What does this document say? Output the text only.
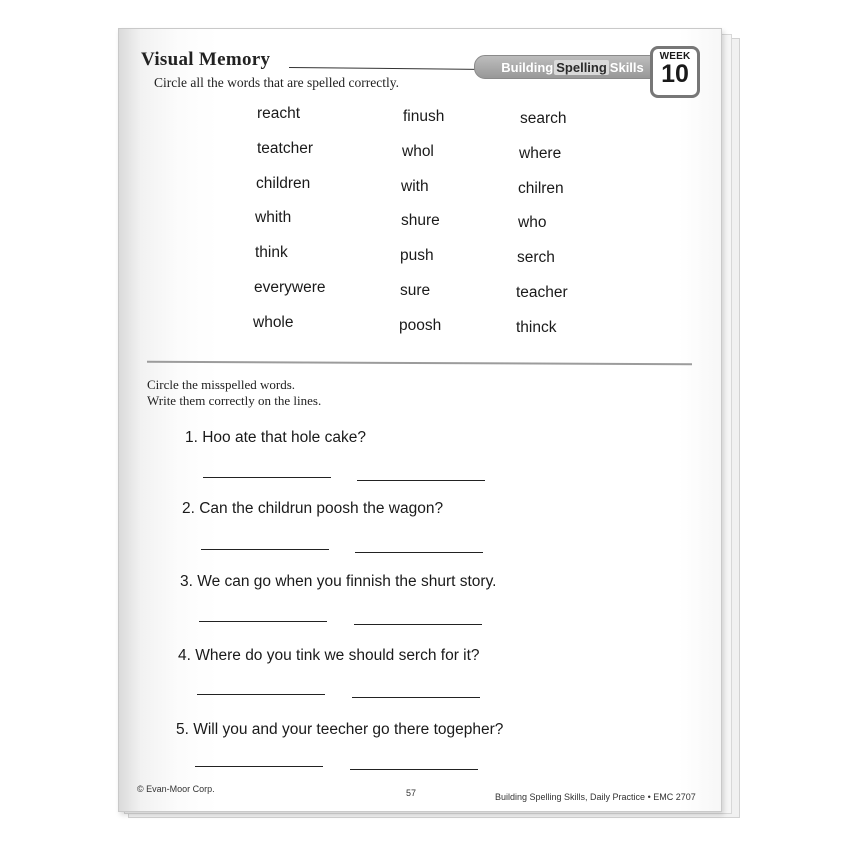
Visual Memory
Circle all the words that are spelled correctly.
Building Spelling Skills
WEEK
10
reacht
teatcher
children
whith
think
everywere
whole
finush
whol
with
shure
push
sure
poosh
search
where
chilren
who
serch
teacher
thinck
Circle the misspelled words.
Write them correctly on the lines.
1. Hoo ate that hole cake?
2. Can the childrun poosh the wagon?
3. We can go when you finnish the shurt story.
4. Where do you tink we should serch for it?
5. Will you and your teecher go there togepher?
© Evan-Moor Corp.	57	Building Spelling Skills, Daily Practice • EMC 2707
